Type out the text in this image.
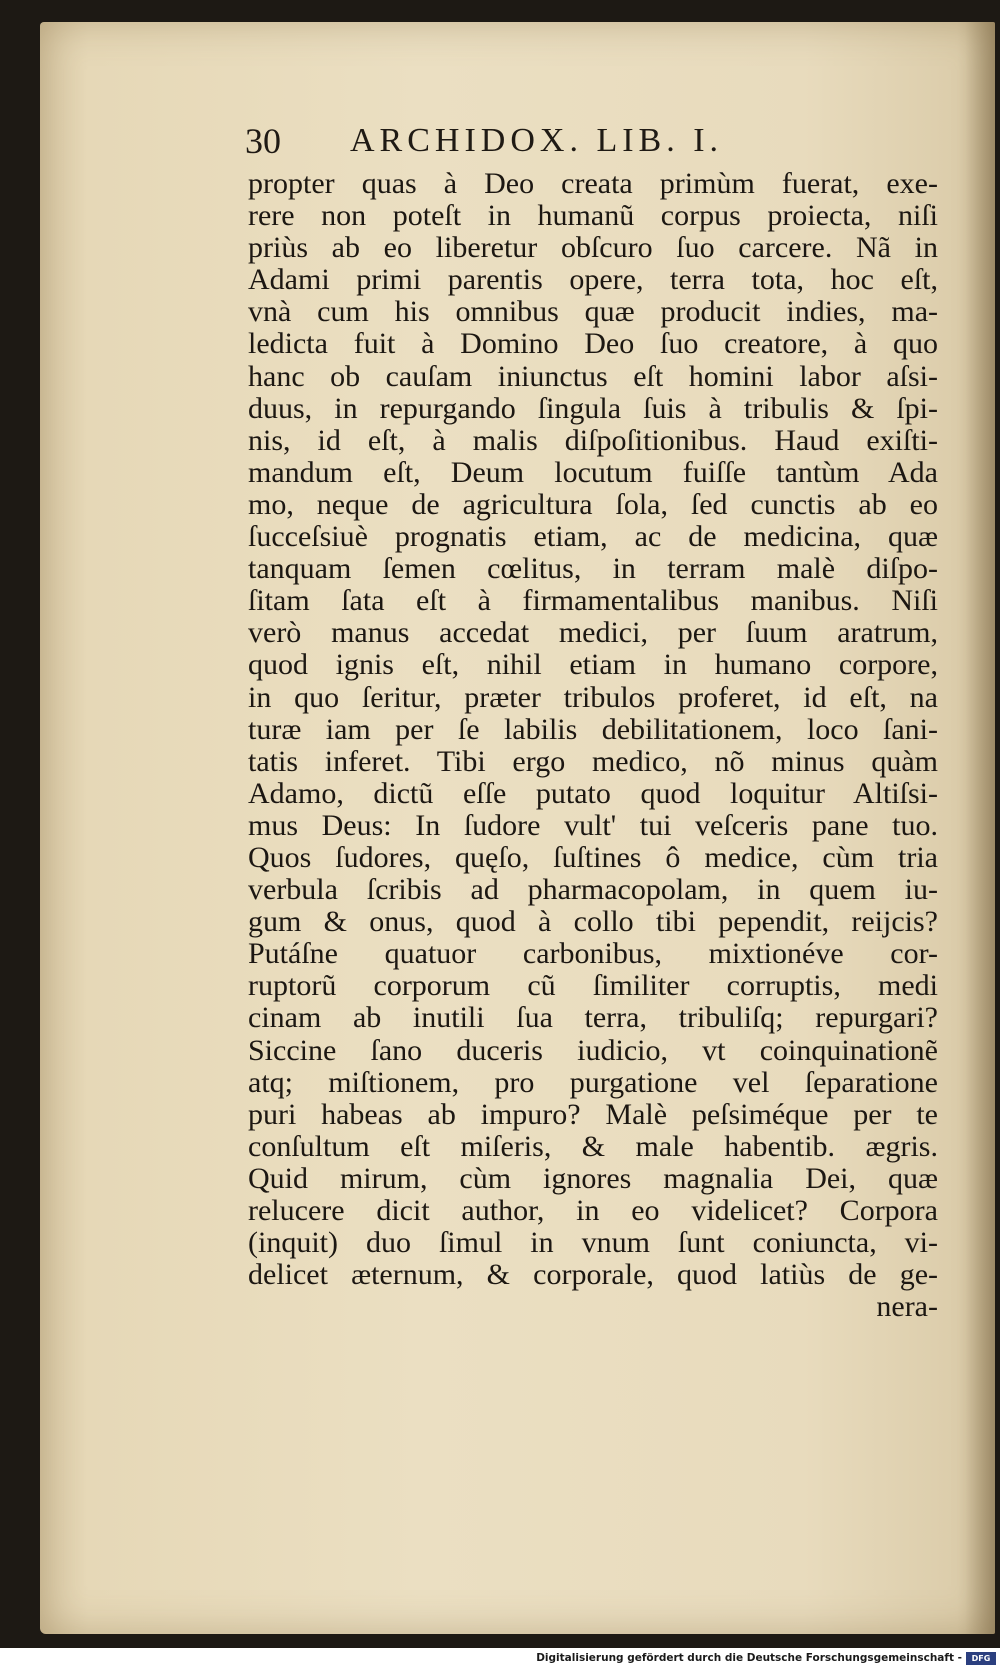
30 ARCHIDOX. LIB. I.
propter quas à Deo creata primùm fuerat, exe-
rere non poteſt in humanũ corpus proiecta, niſi
priùs ab eo liberetur obſcuro ſuo carcere. Nã in
Adami primi parentis opere, terra tota, hoc eſt,
vnà cum his omnibus quæ producit indies, ma-
ledicta fuit à Domino Deo ſuo creatore, à quo
hanc ob cauſam iniunctus eſt homini labor aſsi-
duus, in repurgando ſingula ſuis à tribulis & ſpi-
nis, id eſt, à malis diſpoſitionibus. Haud exiſti-
mandum eſt, Deum locutum fuiſſe tantùm Ada
mo, neque de agricultura ſola, ſed cunctis ab eo
ſucceſsiuè prognatis etiam, ac de medicina, quæ
tanquam ſemen cœlitus, in terram malè diſpo-
ſitam ſata eſt à firmamentalibus manibus. Niſi
verò manus accedat medici, per ſuum aratrum,
quod ignis eſt, nihil etiam in humano corpore,
in quo ſeritur, præter tribulos proferet, id eſt, na
turæ iam per ſe labilis debilitationem, loco ſani-
tatis inferet. Tibi ergo medico, nõ minus quàm
Adamo, dictũ eſſe putato quod loquitur Altiſsi-
mus Deus: In ſudore vult' tui veſceris pane tuo.
Quos ſudores, quęſo, ſuſtines ô medice, cùm tria
verbula ſcribis ad pharmacopolam, in quem iu-
gum & onus, quod à collo tibi pependit, reijcis?
Putáſne quatuor carbonibus, mixtionéve cor-
ruptorũ corporum cũ ſimiliter corruptis, medi
cinam ab inutili ſua terra, tribuliſq; repurgari?
Siccine ſano duceris iudicio, vt coinquinationẽ
atq; miſtionem, pro purgatione vel ſeparatione
puri habeas ab impuro? Malè peſsiméque per te
conſultum eſt miſeris, & male habentib. ægris.
Quid mirum, cùm ignores magnalia Dei, quæ
relucere dicit author, in eo videlicet? Corpora
(inquit) duo ſimul in vnum ſunt coniuncta, vi-
delicet æternum, & corporale, quod latiùs de ge-
nera-
Digitalisierung gefördert durch die Deutsche Forschungsgemeinschaft -	DFG
